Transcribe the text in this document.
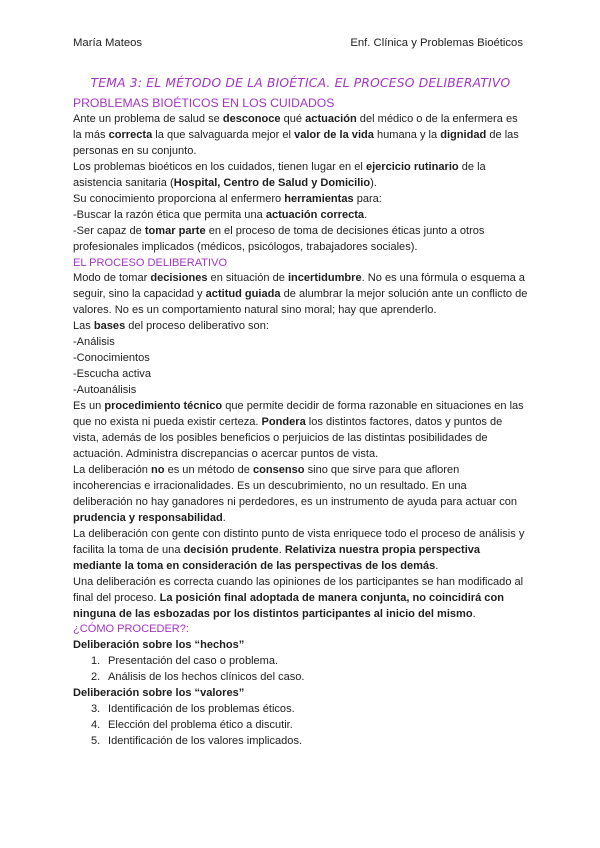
María Mateos	Enf. Clínica y Problemas Bioéticos
TEMA 3: EL MÉTODO DE LA BIOÉTICA. EL PROCESO DELIBERATIVO
PROBLEMAS BIOÉTICOS EN LOS CUIDADOS

Ante un problema de salud se desconoce qué actuación del médico o de la enfermera es la más correcta la que salvaguarda mejor el valor de la vida humana y la dignidad de las personas en su conjunto.

Los problemas bioéticos en los cuidados, tienen lugar en el ejercicio rutinario de la asistencia sanitaria (Hospital, Centro de Salud y Domicilio).

Su conocimiento proporciona al enfermero herramientas para:

-Buscar la razón ética que permita una actuación correcta.

-Ser capaz de tomar parte en el proceso de toma de decisiones éticas junto a otros profesionales implicados (médicos, psicólogos, trabajadores sociales).

EL PROCESO DELIBERATIVO

Modo de tomar decisiones en situación de incertidumbre. No es una fórmula o esquema a seguir, sino la capacidad y actitud guiada de alumbrar la mejor solución ante un conflicto de valores. No es un comportamiento natural sino moral; hay que aprenderlo.

Las bases del proceso deliberativo son:

-Análisis

-Conocimientos

-Escucha activa

-Autoanálisis

Es un procedimiento técnico que permite decidir de forma razonable en situaciones en las que no exista ni pueda existir certeza. Pondera los distintos factores, datos y puntos de vista, además de los posibles beneficios o perjuicios de las distintas posibilidades de actuación. Administra discrepancias o acercar puntos de vista.

La deliberación no es un método de consenso sino que sirve para que afloren incoherencias e irracionalidades. Es un descubrimiento, no un resultado. En una deliberación no hay ganadores ni perdedores, es un instrumento de ayuda para actuar con prudencia y responsabilidad.

La deliberación con gente con distinto punto de vista enriquece todo el proceso de análisis y facilita la toma de una decisión prudente. Relativiza nuestra propia perspectiva mediante la toma en consideración de las perspectivas de los demás.

Una deliberación es correcta cuando las opiniones de los participantes se han modificado al final del proceso. La posición final adoptada de manera conjunta, no coincidirá con ninguna de las esbozadas por los distintos participantes al inicio del mismo.

¿CÓMO PROCEDER?:

Deliberación sobre los “hechos”

1. Presentación del caso o problema.
2. Análisis de los hechos clínicos del caso.

Deliberación sobre los “valores”

3. Identificación de los problemas éticos.
4. Elección del problema ético a discutir.
5. Identificación de los valores implicados.
